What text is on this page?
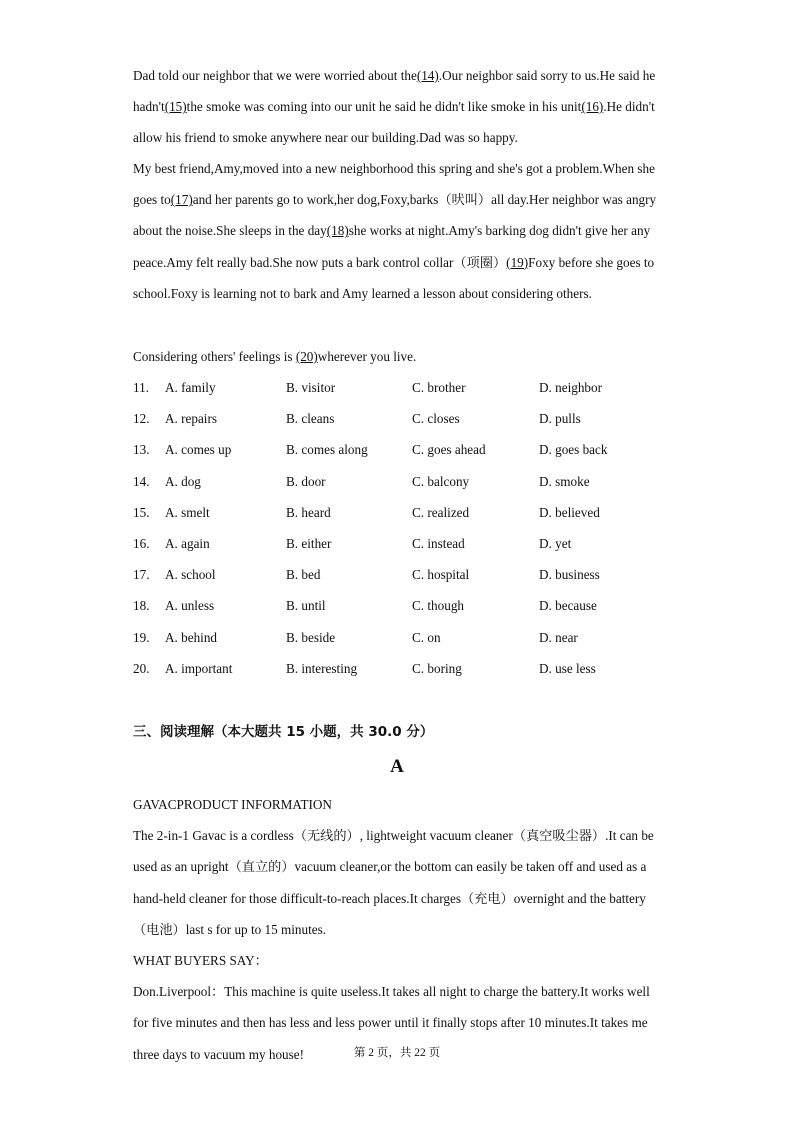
Dad told our neighbor that we were worried about the(14).Our neighbor said sorry to us.He said he hadn't(15)the smoke was coming into our unit he said he didn't like smoke in his unit(16).He didn't allow his friend to smoke anywhere near our building.Dad was so happy.

My best friend,Amy,moved into a new neighborhood this spring and she's got a problem.When she goes to(17)and her parents go to work,her dog,Foxy,barks（吠叫）all day.Her neighbor was angry about the noise.She sleeps in the day(18)she works at night.Amy's barking dog didn't give her any peace.Amy felt really bad.She now puts a bark control collar（项圈）(19)Foxy before she goes to school.Foxy is learning not to bark and Amy learned a lesson about considering others.

Considering others' feelings is (20)wherever you live.

11. A. family	B. visitor	C. brother	D. neighbor
12. A. repairs	B. cleans	C. closes	D. pulls
13. A. comes up	B. comes along	C. goes ahead	D. goes back
14. A. dog	B. door	C. balcony	D. smoke
15. A. smelt	B. heard	C. realized	D. believed
16. A. again	B. either	C. instead	D. yet
17. A. school	B. bed	C. hospital	D. business
18. A. unless	B. until	C. though	D. because
19. A. behind	B. beside	C. on	D. near
20. A. important	B. interesting	C. boring	D. use less
三、阅读理解（本大题共 15 小题，共 30.0 分）
A

GAVACPRODUCT INFORMATION

The 2-in-1 Gavac is a cordless（无线的）, lightweight vacuum cleaner（真空吸尘器）.It can be used as an upright（直立的）vacuum cleaner,or the bottom can easily be taken off and used as a hand-held cleaner for those difficult-to-reach places.It charges（充电）overnight and the battery（电池）last s for up to 15 minutes.

WHAT BUYERS SAY：

Don.Liverpool：This machine is quite useless.It takes all night to charge the battery.It works well for five minutes and then has less and less power until it finally stops after 10 minutes.It takes me three days to vacuum my house!	第 2 页，共 22 页
